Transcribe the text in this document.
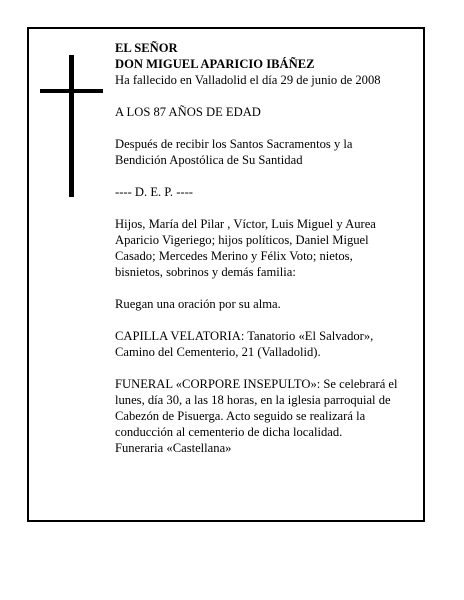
EL SEÑOR
DON MIGUEL APARICIO IBÁÑEZ
Ha fallecido en Valladolid el día 29 de junio de 2008
A LOS 87 AÑOS DE EDAD
Después de recibir los Santos Sacramentos y la
Bendición Apostólica de Su Santidad
---- D. E. P. ----
Hijos, María del Pilar , Víctor, Luis Miguel y Aurea
Aparicio Vigeriego; hijos políticos, Daniel Miguel
Casado; Mercedes Merino y Félix Voto; nietos,
bisnietos, sobrinos y demás familia:
Ruegan una oración por su alma.
CAPILLA VELATORIA: Tanatorio «El Salvador»,
Camino del Cementerio, 21 (Valladolid).
FUNERAL «CORPORE INSEPULTO»: Se celebrará el
lunes, día 30, a las 18 horas, en la iglesia parroquial de
Cabezón de Pisuerga. Acto seguido se realizará la
conducción al cementerio de dicha localidad.
Funeraria «Castellana»
